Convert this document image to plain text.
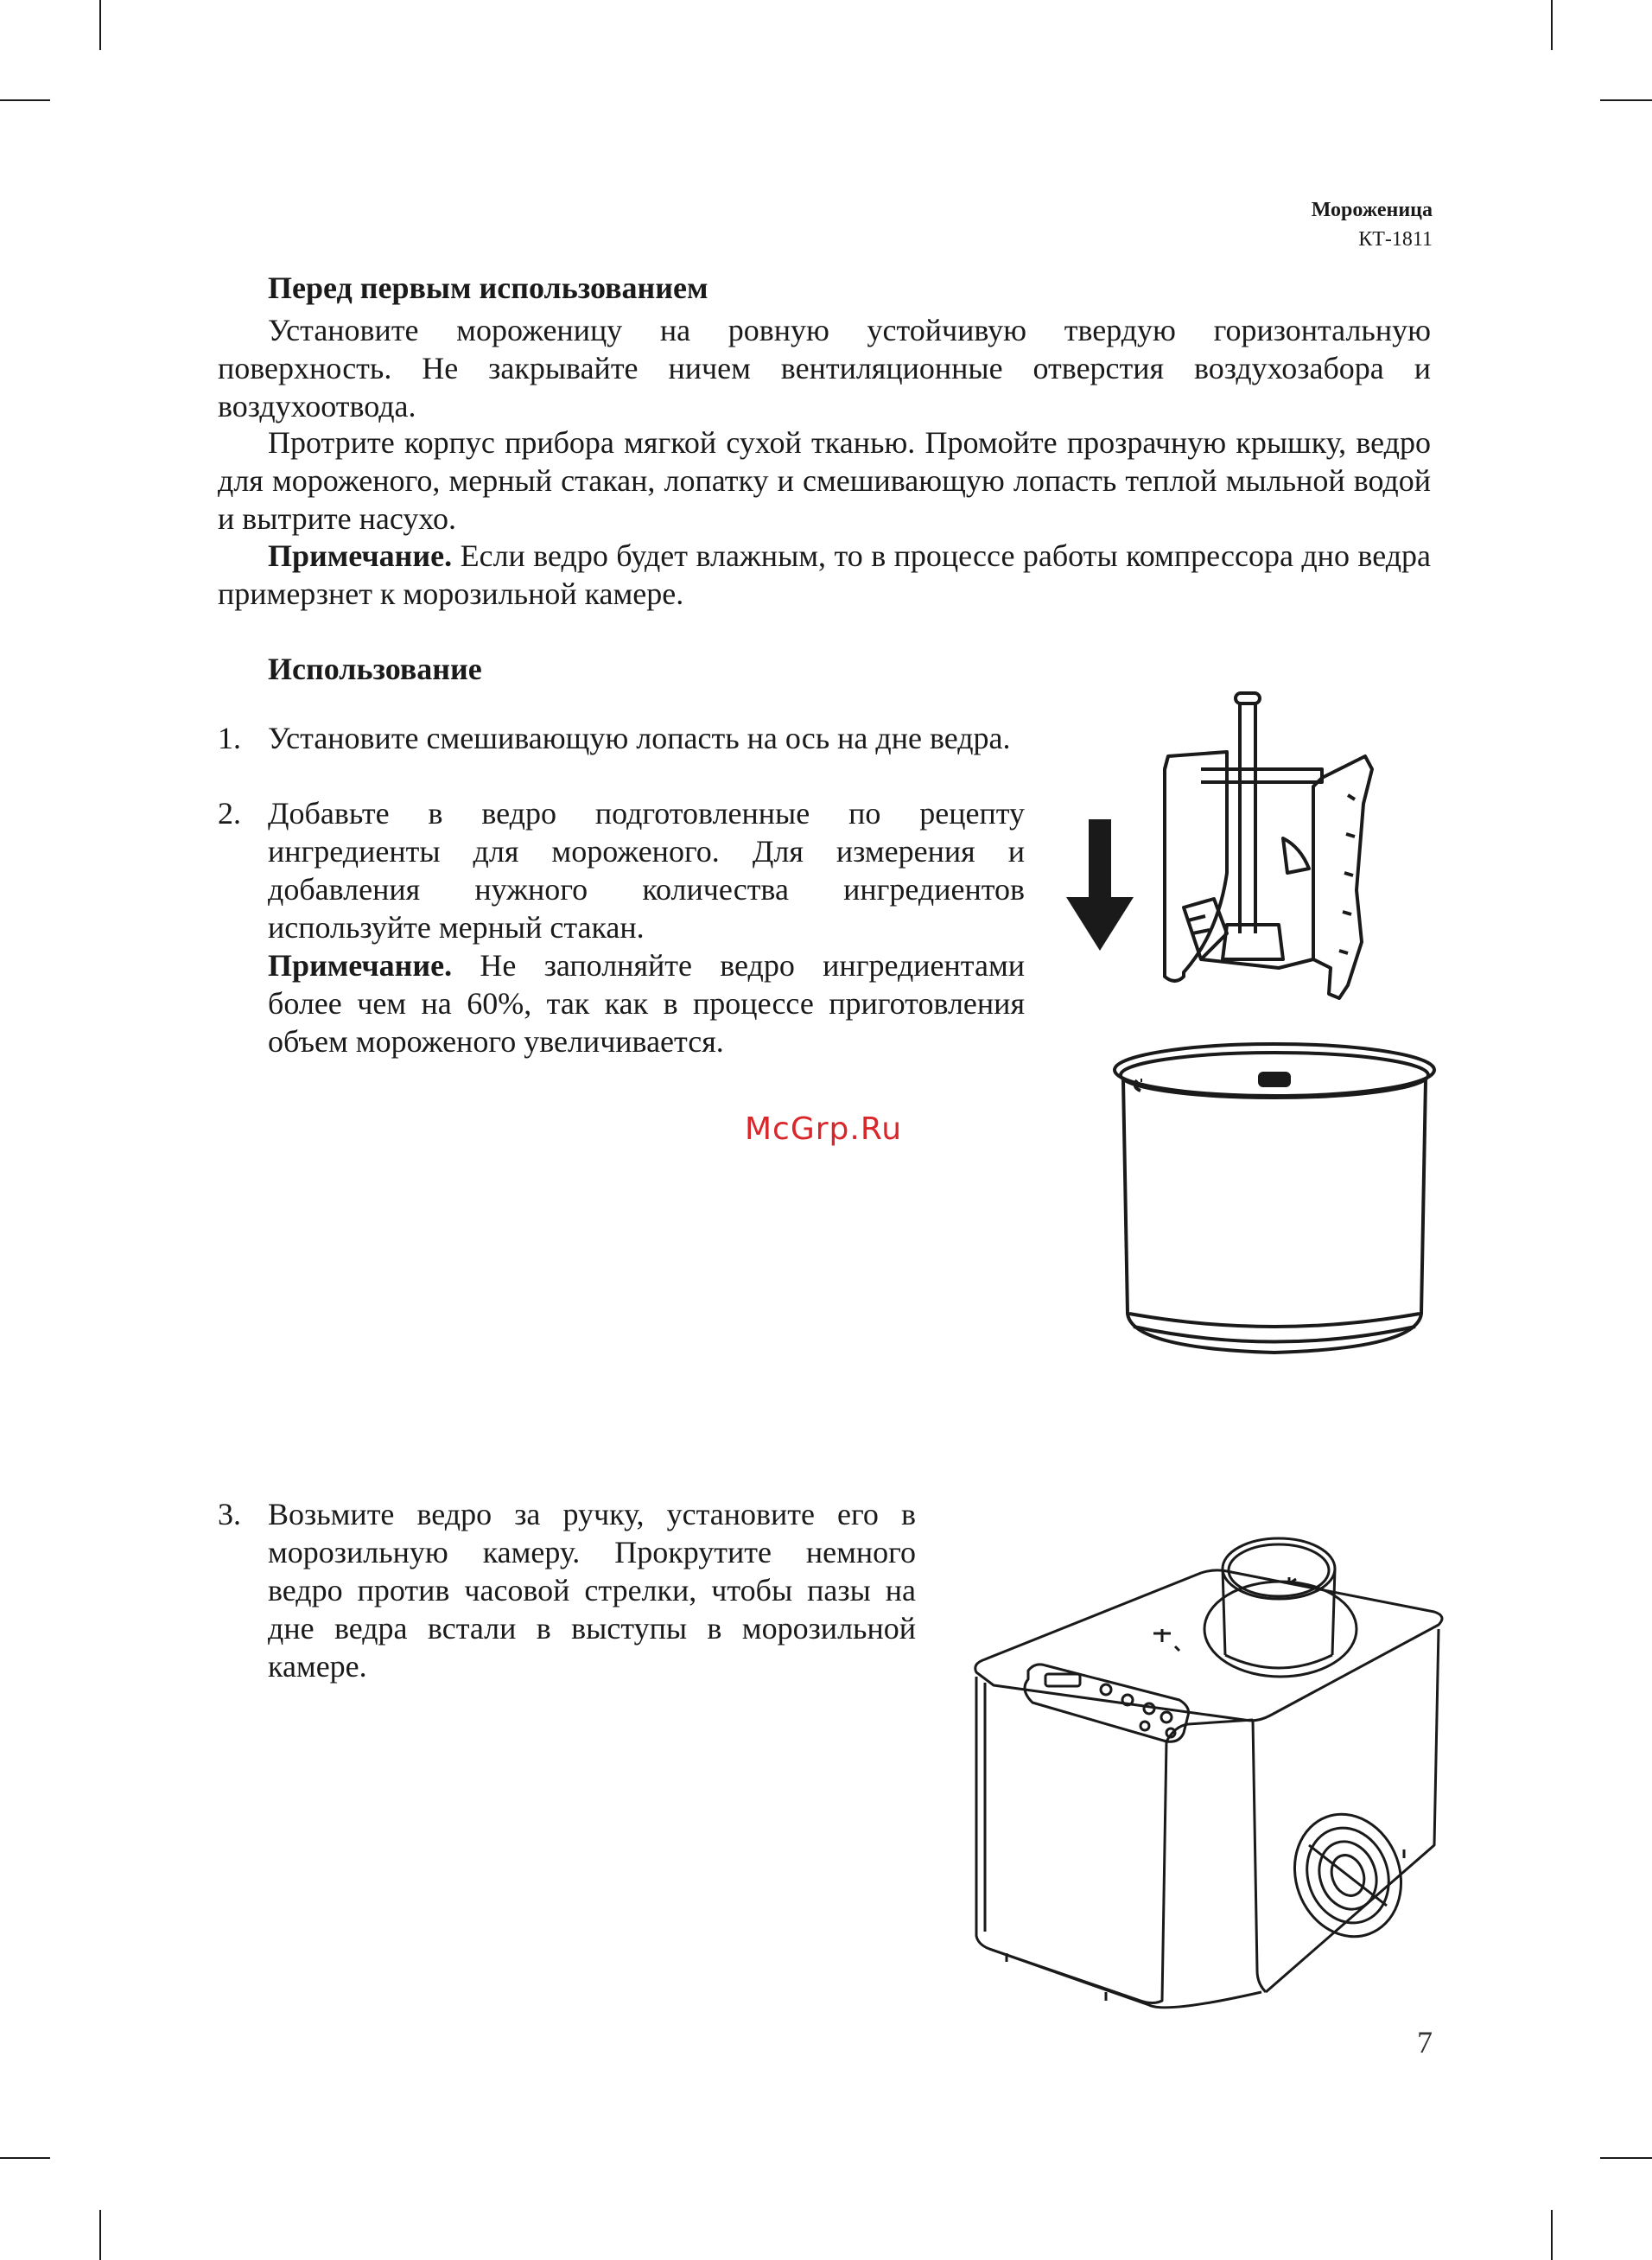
Мороженица
КТ-1811

Перед первым использованием

Установите мороженицу на ровную устойчивую твердую горизонтальную поверхность. Не закрывайте ничем вентиляционные отверстия воздухозабора и воздухоотвода.

Протрите корпус прибора мягкой сухой тканью. Промойте прозрачную крышку, ведро для мороженого, мерный стакан, лопатку и смешивающую лопасть теплой мыльной водой и вытрите насухо.

Примечание. Если ведро будет влажным, то в процессе работы компрессора дно ведра примерзнет к морозильной камере.

Использование

1. Установите смешивающую лопасть на ось на дне ведра.

2. Добавьте в ведро подготовленные по рецепту ингредиенты для мороженого. Для измерения и добавления нужного количества ингредиентов используйте мерный стакан.

Примечание. Не заполняйте ведро ингредиентами более чем на 60%, так как в процессе приготовления объем мороженого увеличивается.

3. Возьмите ведро за ручку, установите его в морозильную камеру. Прокрутите немного ведро против часовой стрелки, чтобы пазы на дне ведра встали в выступы в морозильной камере.

McGrp.Ru
7
